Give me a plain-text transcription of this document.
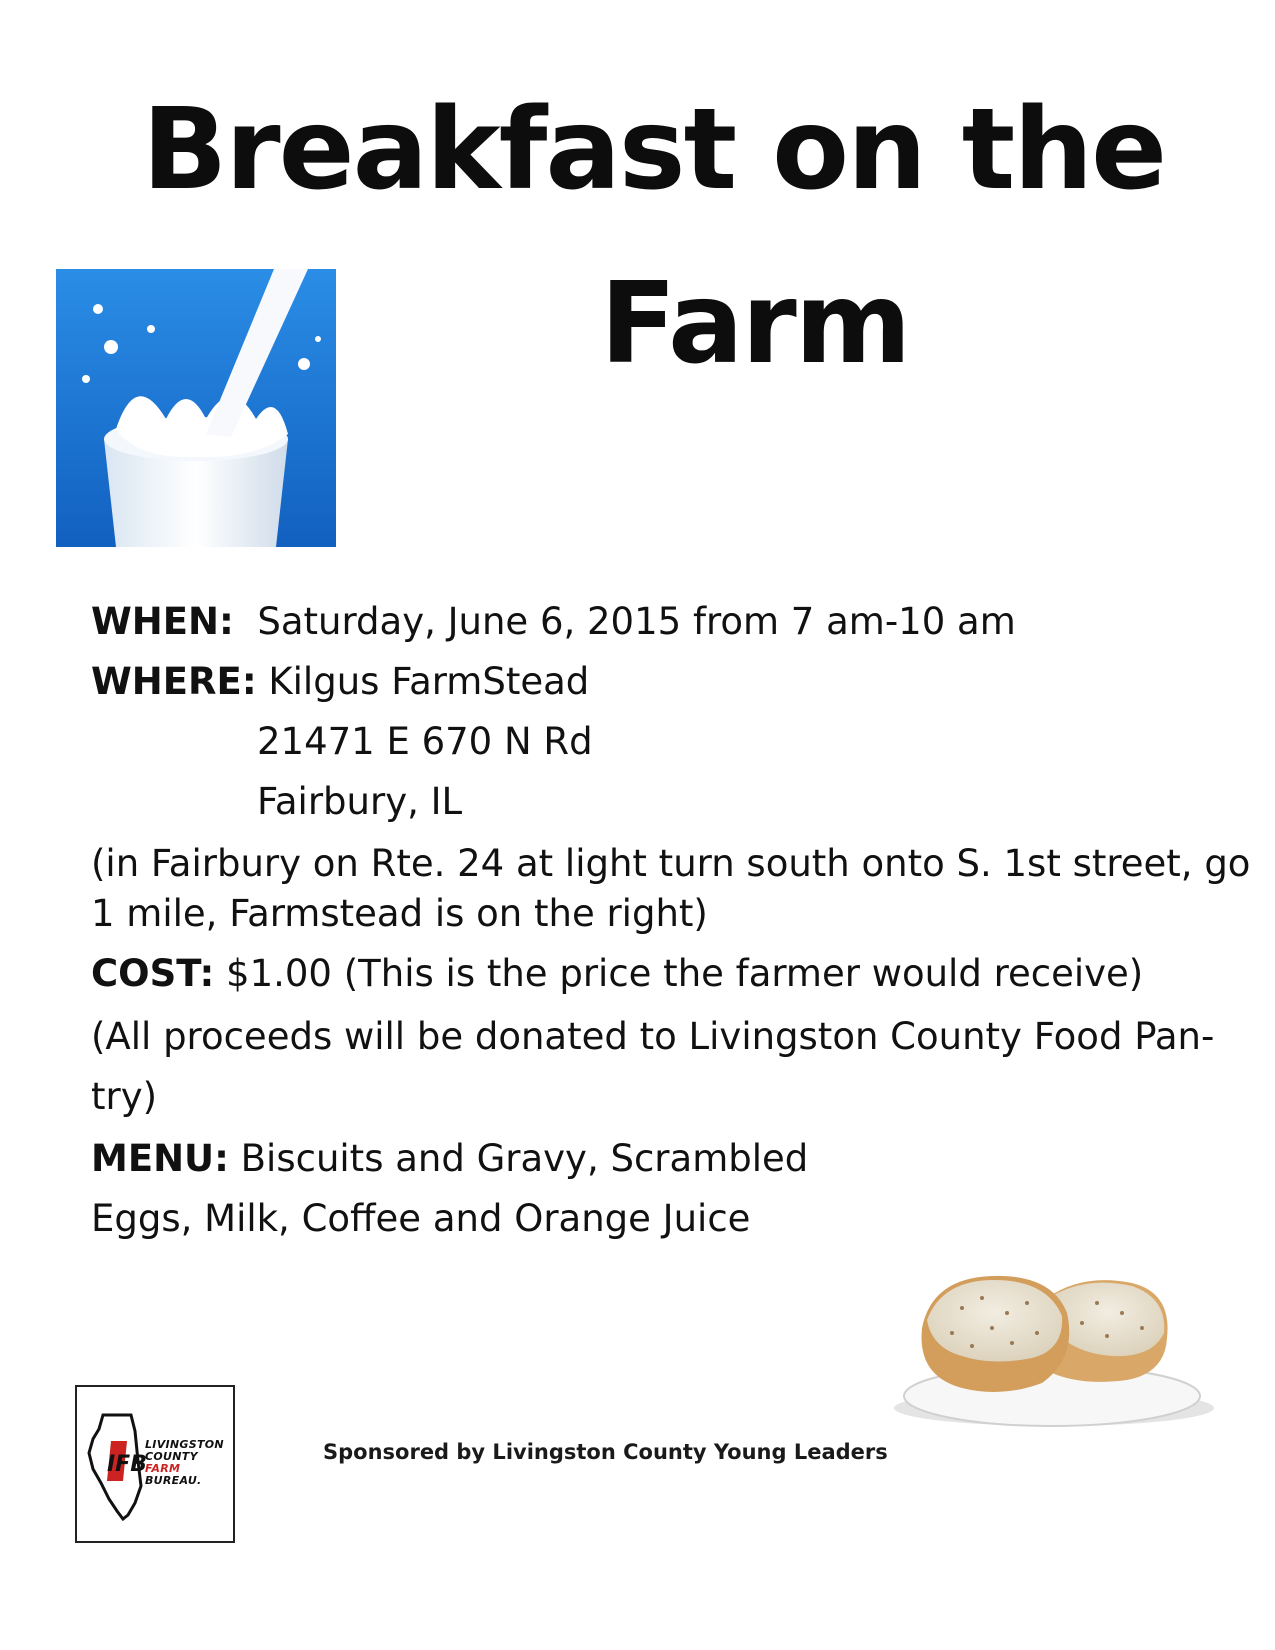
Breakfast on the
Farm
WHEN: Saturday, June 6, 2015 from 7 am-10 am
WHERE: Kilgus FarmStead
21471 E 670 N Rd
Fairbury, IL
(in Fairbury on Rte. 24 at light turn south onto S. 1st street, go
1 mile, Farmstead is on the right)
COST: $1.00 (This is the price the farmer would receive)
(All proceeds will be donated to Livingston County Food Pan-
try)
MENU: Biscuits and Gravy, Scrambled
Eggs, Milk, Coffee and Orange Juice
IFB
LIVINGSTON
COUNTY
FARM
BUREAU.
Sponsored by Livingston County Young Leaders
